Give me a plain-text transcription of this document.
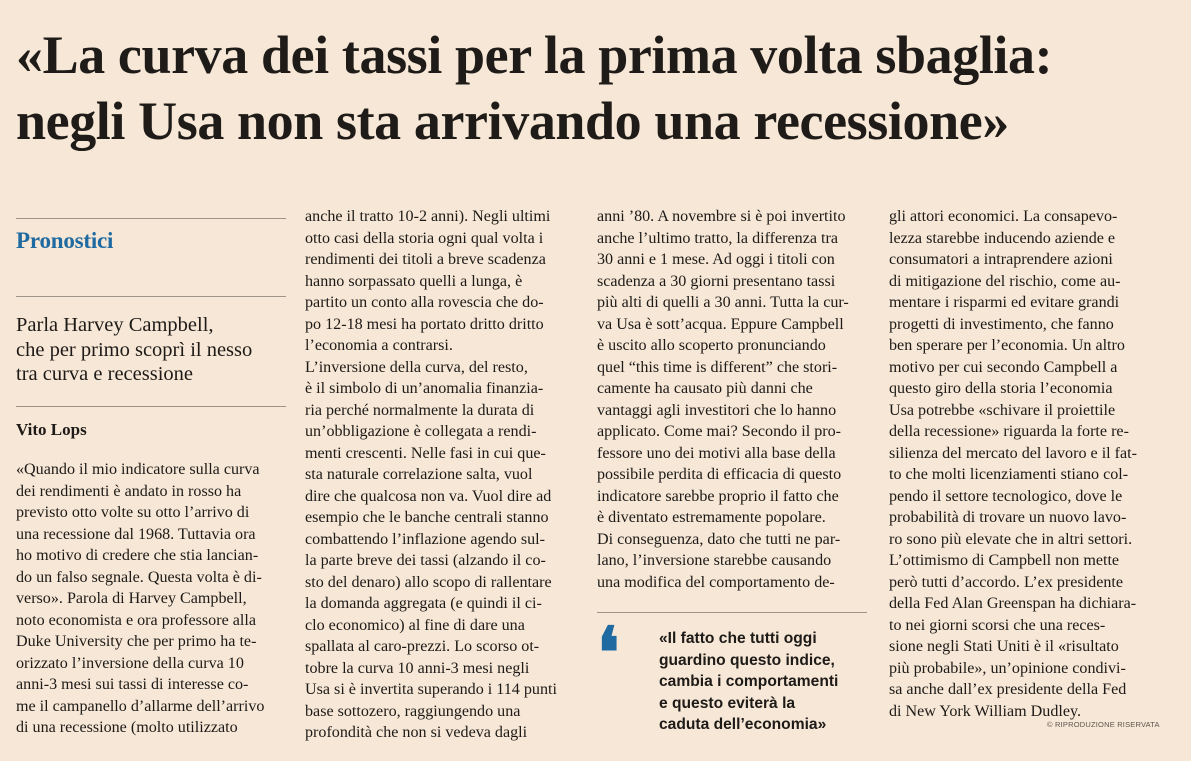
«La curva dei tassi per la prima volta sbaglia:
negli Usa non sta arrivando una recessione»
Pronostici
Parla Harvey Campbell,
che per primo scoprì il nesso
tra curva e recessione
Vito Lops
«Quando il mio indicatore sulla curva
dei rendimenti è andato in rosso ha
previsto otto volte su otto l’arrivo di
una recessione dal 1968. Tuttavia ora
ho motivo di credere che stia lancian-
do un falso segnale. Questa volta è di-
verso». Parola di Harvey Campbell,
noto economista e ora professore alla
Duke University che per primo ha te-
orizzato l’inversione della curva 10
anni-3 mesi sui tassi di interesse co-
me il campanello d’allarme dell’arrivo
di una recessione (molto utilizzato
anche il tratto 10-2 anni). Negli ultimi
otto casi della storia ogni qual volta i
rendimenti dei titoli a breve scadenza
hanno sorpassato quelli a lunga, è
partito un conto alla rovescia che do-
po 12-18 mesi ha portato dritto dritto
l’economia a contrarsi.
L’inversione della curva, del resto,
è il simbolo di un’anomalia finanzia-
ria perché normalmente la durata di
un’obbligazione è collegata a rendi-
menti crescenti. Nelle fasi in cui que-
sta naturale correlazione salta, vuol
dire che qualcosa non va. Vuol dire ad
esempio che le banche centrali stanno
combattendo l’inflazione agendo sul-
la parte breve dei tassi (alzando il co-
sto del denaro) allo scopo di rallentare
la domanda aggregata (e quindi il ci-
clo economico) al fine di dare una
spallata al caro-prezzi. Lo scorso ot-
tobre la curva 10 anni-3 mesi negli
Usa si è invertita superando i 114 punti
base sottozero, raggiungendo una
profondità che non si vedeva dagli
anni ’80. A novembre si è poi invertito
anche l’ultimo tratto, la differenza tra
30 anni e 1 mese. Ad oggi i titoli con
scadenza a 30 giorni presentano tassi
più alti di quelli a 30 anni. Tutta la cur-
va Usa è sott’acqua. Eppure Campbell
è uscito allo scoperto pronunciando
quel “this time is different” che stori-
camente ha causato più danni che
vantaggi agli investitori che lo hanno
applicato. Come mai? Secondo il pro-
fessore uno dei motivi alla base della
possibile perdita di efficacia di questo
indicatore sarebbe proprio il fatto che
è diventato estremamente popolare.
Di conseguenza, dato che tutti ne par-
lano, l’inversione starebbe causando
una modifica del comportamento de-
gli attori economici. La consapevo-
lezza starebbe inducendo aziende e
consumatori a intraprendere azioni
di mitigazione del rischio, come au-
mentare i risparmi ed evitare grandi
progetti di investimento, che fanno
ben sperare per l’economia. Un altro
motivo per cui secondo Campbell a
questo giro della storia l’economia
Usa potrebbe «schivare il proiettile
della recessione» riguarda la forte re-
silienza del mercato del lavoro e il fat-
to che molti licenziamenti stiano col-
pendo il settore tecnologico, dove le
probabilità di trovare un nuovo lavo-
ro sono più elevate che in altri settori.
L’ottimismo di Campbell non mette
però tutti d’accordo. L’ex presidente
della Fed Alan Greenspan ha dichiara-
to nei giorni scorsi che una reces-
sione negli Stati Uniti è il «risultato
più probabile», un’opinione condivi-
sa anche dall’ex presidente della Fed
di New York William Dudley.
❛	«Il fatto che tutti oggi
guardino questo indice,
cambia i comportamenti
e questo eviterà la
caduta dell’economia»	© RIPRODUZIONE RISERVATA
